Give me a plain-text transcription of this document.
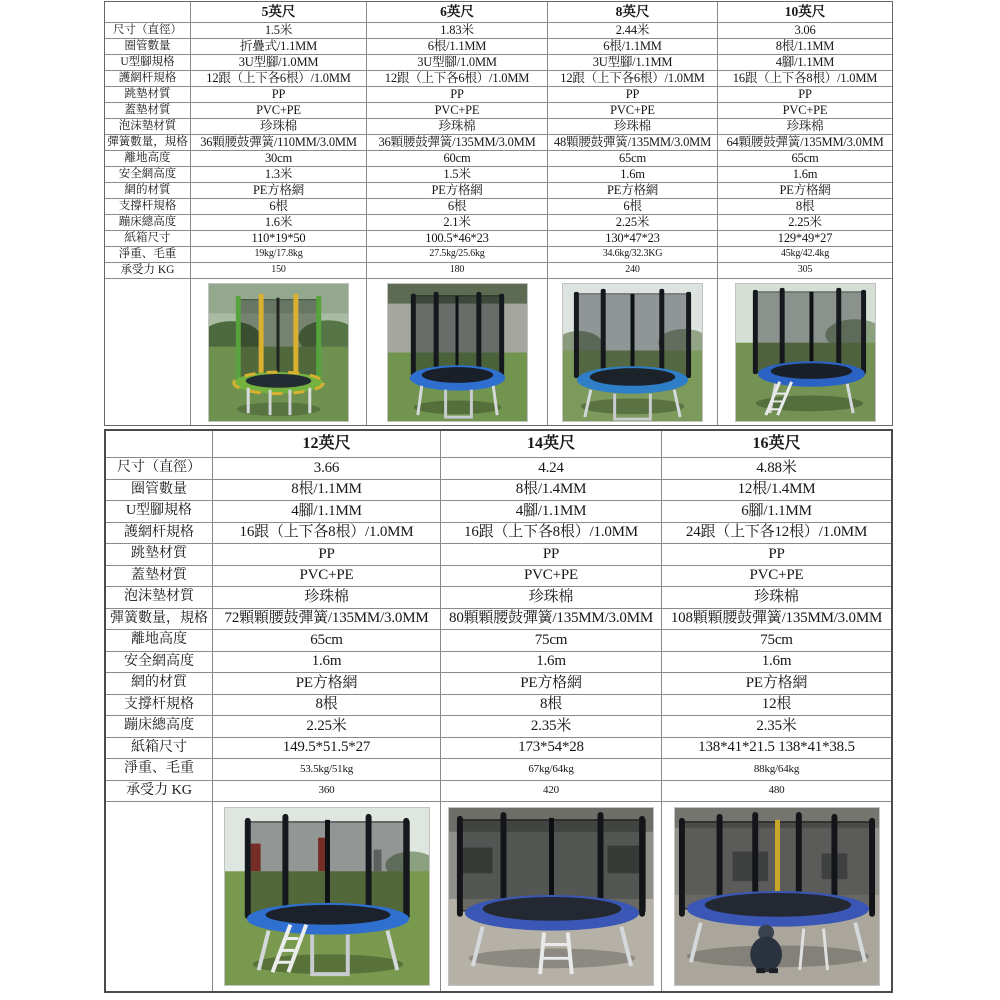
5英尺	6英尺	8英尺	10英尺
尺寸（直徑）	1.5米	1.83米	2.44米	3.06
圈管數量	折疊式/1.1MM	6根/1.1MM	6根/1.1MM	8根/1.1MM
U型腳規格	3U型腳/1.0MM	3U型腳/1.0MM	3U型腳/1.1MM	4腳/1.1MM
護網杆規格	12跟（上下各6根）/1.0MM	12跟（上下各6根）/1.0MM	12跟（上下各6根）/1.0MM	16跟（上下各8根）/1.0MM
跳墊材質	PP	PP	PP	PP
蓋墊材質	PVC+PE	PVC+PE	PVC+PE	PVC+PE
泡沫墊材質	珍珠棉	珍珠棉	珍珠棉	珍珠棉
彈簧數量，規格 36顆腰鼓彈簧/110MM/3.0MM	36顆腰鼓彈簧/135MM/3.0MM	48顆腰鼓彈簧/135MM/3.0MM	64顆腰鼓彈簧/135MM/3.0MM
離地高度	30cm	60cm	65cm	65cm
安全網高度	1.3米	1.5米	1.6m	1.6m
網的材質	PE方格網	PE方格網	PE方格網	PE方格網
支撐杆規格	6根	6根	6根	8根
蹦床總高度	1.6米	2.1米	2.25米	2.25米
紙箱尺寸	110*19*50	100.5*46*23	130*47*23	129*49*27
淨重、毛重	19kg/17.8kg	27.5kg/25.6kg	34.6kg/32.3KG	45kg/42.4kg
承受力 KG	150	180	240	305
12英尺	14英尺	16英尺
尺寸（直徑）	3.66	4.24	4.88米
圈管數量	8根/1.1MM	8根/1.4MM	12根/1.4MM
U型腳規格	4腳/1.1MM	4腳/1.1MM	6腳/1.1MM
護網杆規格	16跟（上下各8根）/1.0MM	16跟（上下各8根）/1.0MM	24跟（上下各12根）/1.0MM
跳墊材質	PP	PP	PP
蓋墊材質	PVC+PE	PVC+PE	PVC+PE
泡沫墊材質	珍珠棉	珍珠棉	珍珠棉
彈簧數量，規格	72顆顆腰鼓彈簧/135MM/3.0MM	80顆顆腰鼓彈簧/135MM/3.0MM	108顆顆腰鼓彈簧/135MM/3.0MM
離地高度	65cm	75cm	75cm
安全網高度	1.6m	1.6m	1.6m
網的材質	PE方格網	PE方格網	PE方格網
支撐杆規格	8根	8根	12根
蹦床總高度	2.25米	2.35米	2.35米
紙箱尺寸	149.5*51.5*27	173*54*28	138*41*21.5 138*41*38.5
淨重、毛重	53.5kg/51kg	67kg/64kg	88kg/64kg
承受力 KG	360	420	480
